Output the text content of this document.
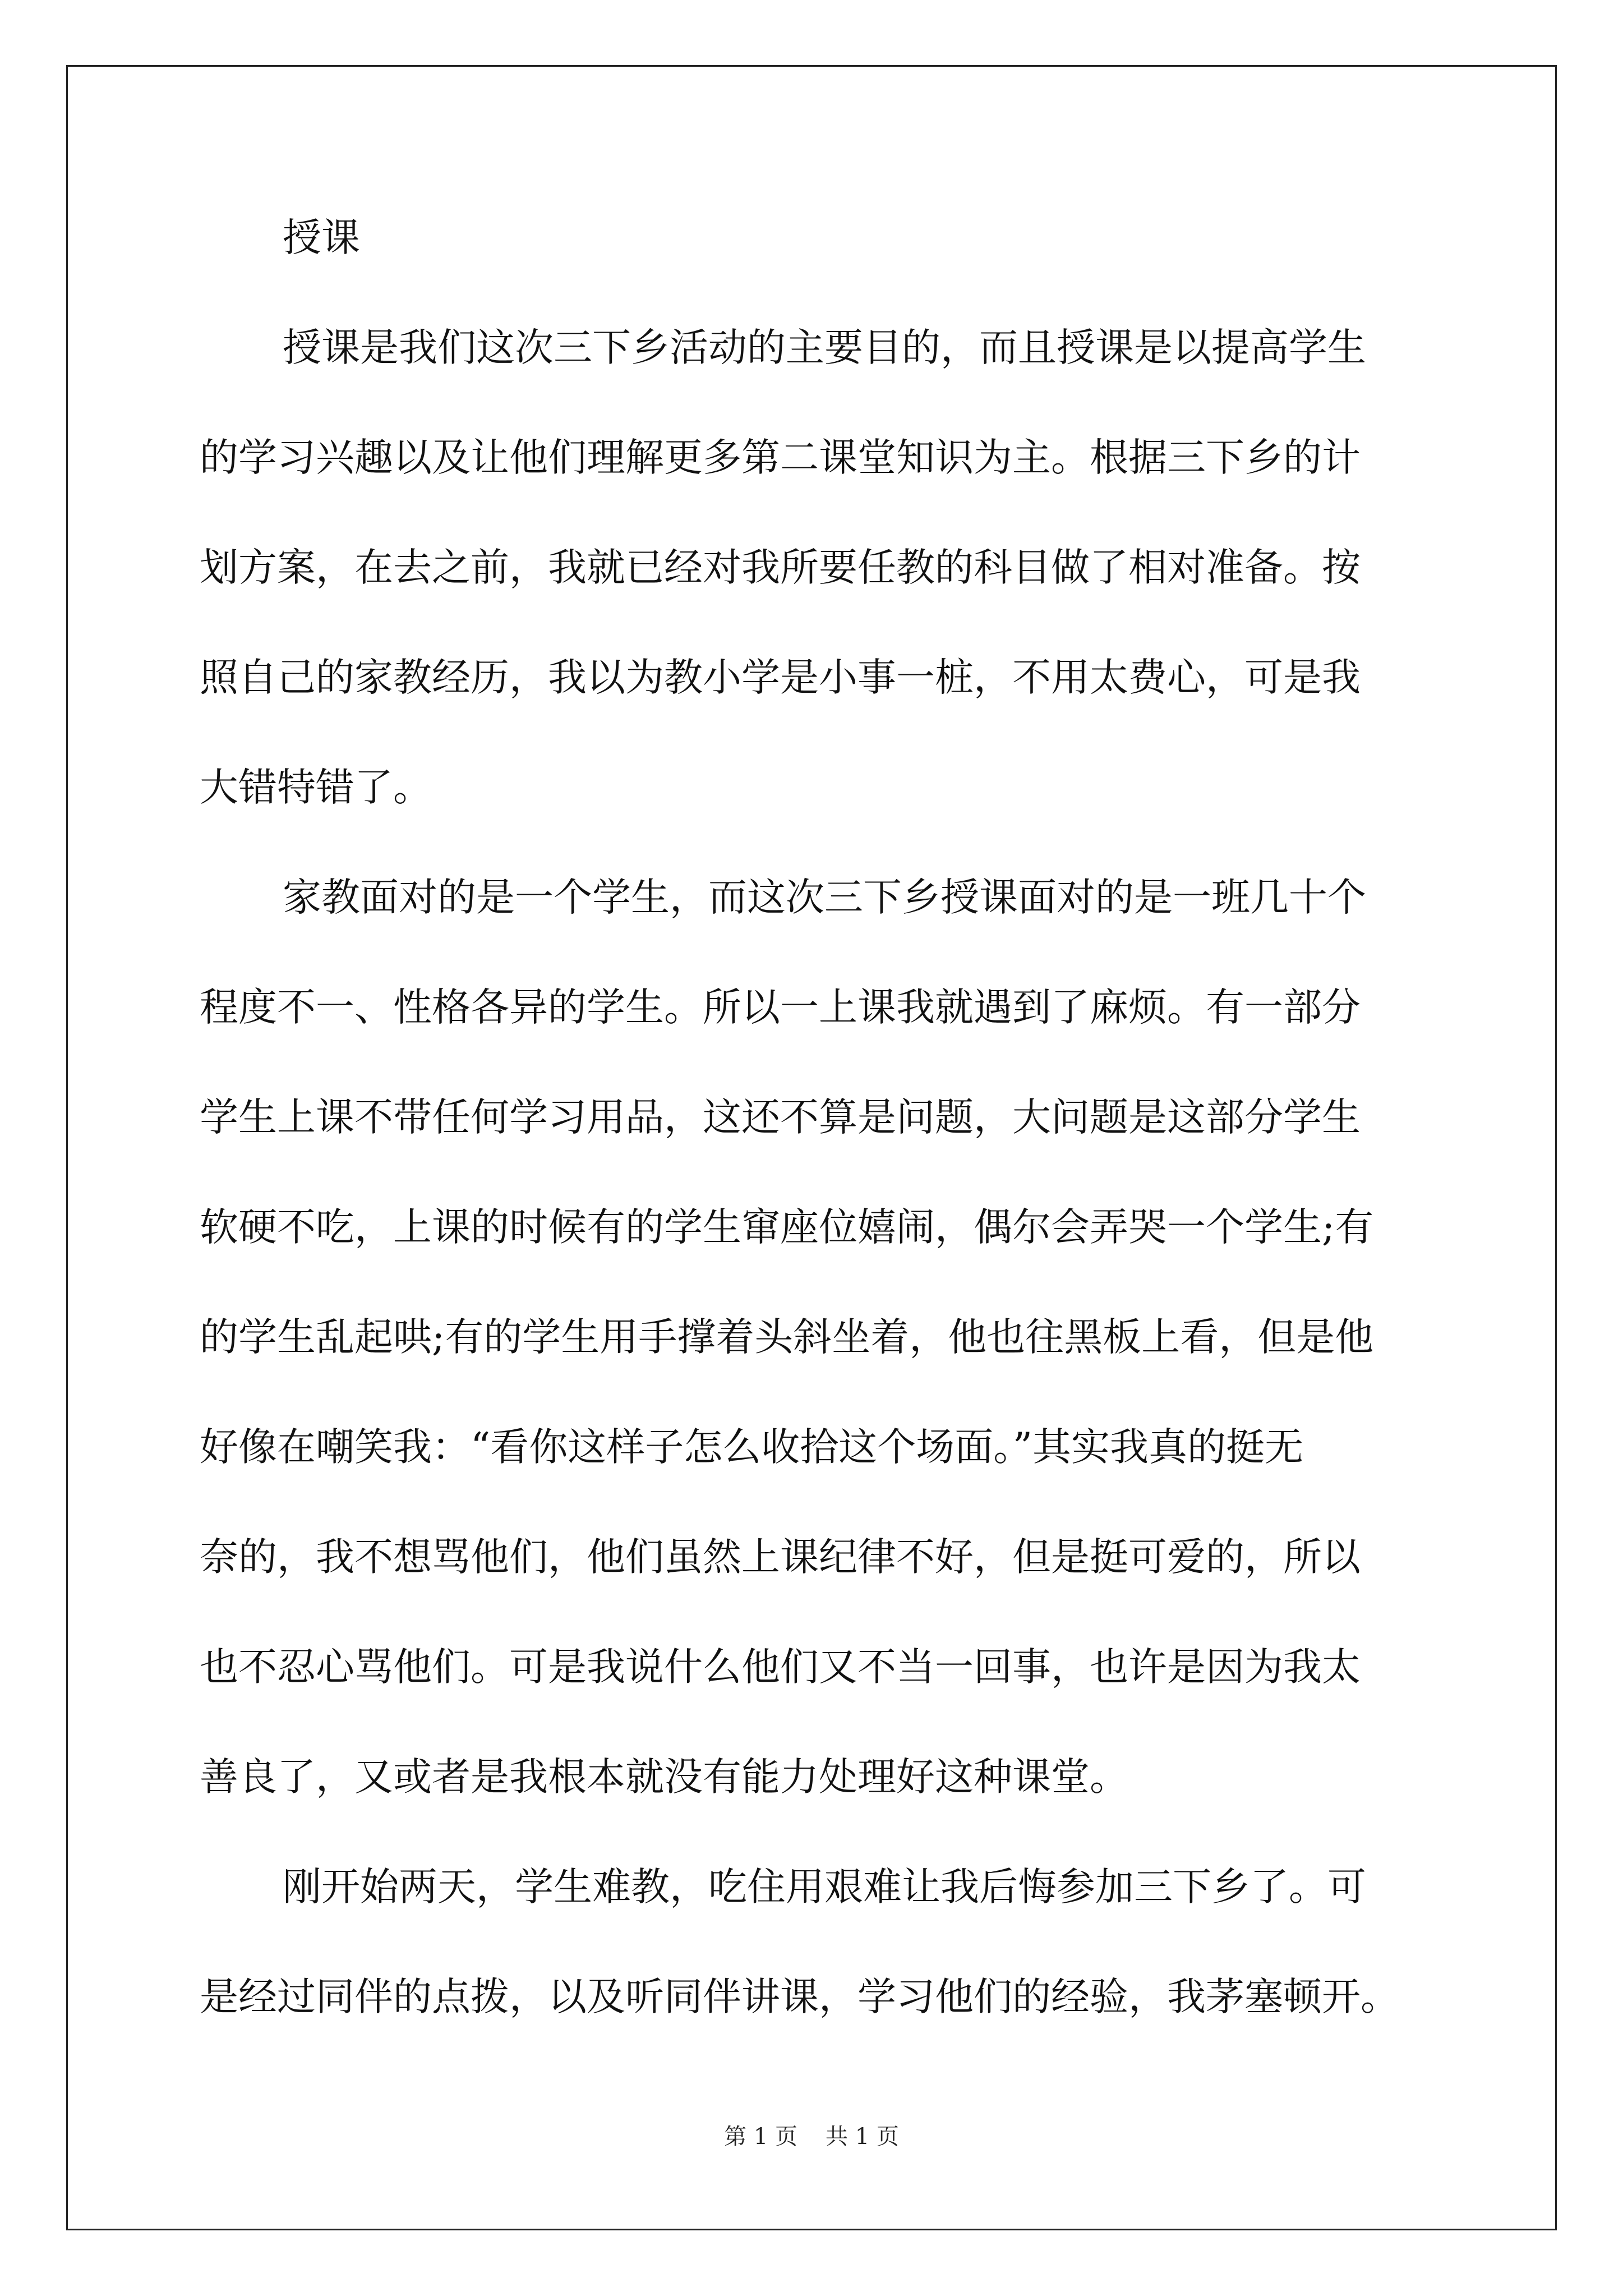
授课
授课是我们这次三下乡活动的主要目的，而且授课是以提高学生
的学习兴趣以及让他们理解更多第二课堂知识为主。根据三下乡的计
划方案，在去之前，我就已经对我所要任教的科目做了相对准备。按
照自己的家教经历，我以为教小学是小事一桩，不用太费心，可是我
大错特错了。
家教面对的是一个学生，而这次三下乡授课面对的是一班几十个
程度不一、性格各异的学生。所以一上课我就遇到了麻烦。有一部分
学生上课不带任何学习用品，这还不算是问题，大问题是这部分学生
软硬不吃，上课的时候有的学生窜座位嬉闹，偶尔会弄哭一个学生;有
的学生乱起哄;有的学生用手撑着头斜坐着，他也往黑板上看，但是他
好像在嘲笑我：“看你这样子怎么收拾这个场面。”其实我真的挺无
奈的，我不想骂他们，他们虽然上课纪律不好，但是挺可爱的，所以
也不忍心骂他们。可是我说什么他们又不当一回事，也许是因为我太
善良了，又或者是我根本就没有能力处理好这种课堂。
刚开始两天，学生难教，吃住用艰难让我后悔参加三下乡了。可
是经过同伴的点拨，以及听同伴讲课，学习他们的经验，我茅塞顿开。
第 1 页 共 1 页
